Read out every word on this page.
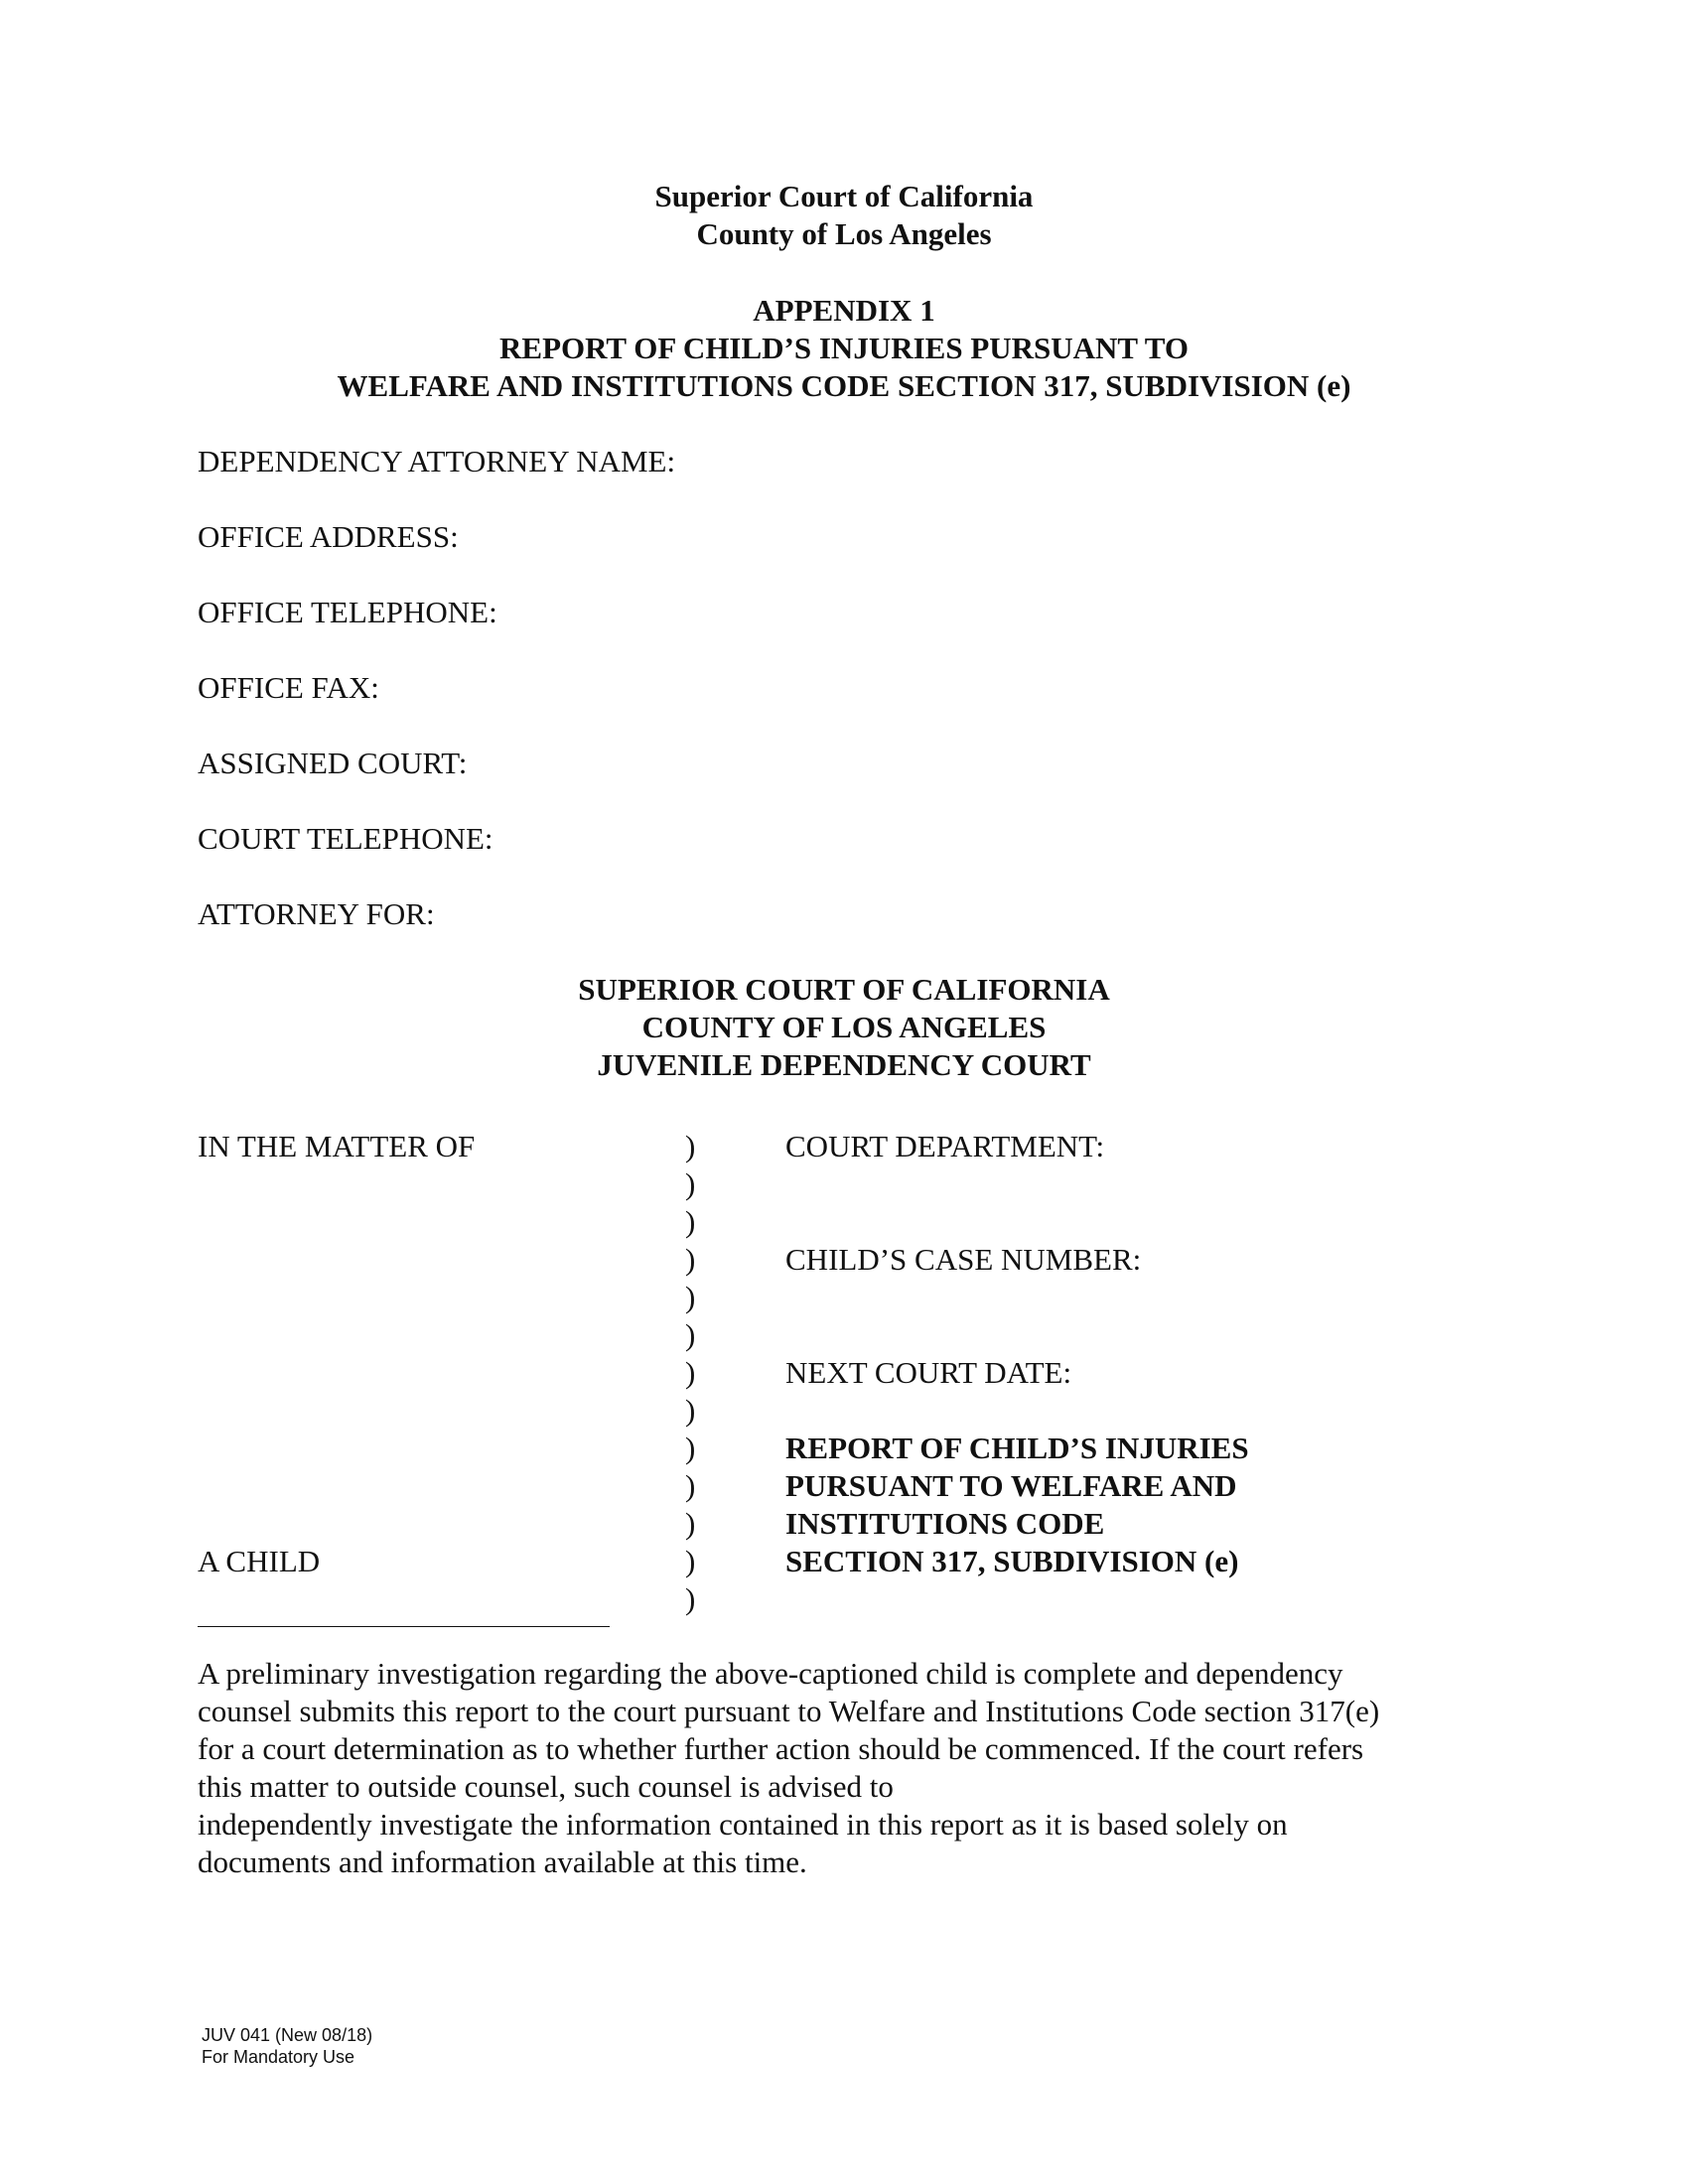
Superior Court of California
County of Los Angeles
APPENDIX 1
REPORT OF CHILD’S INJURIES PURSUANT TO
WELFARE AND INSTITUTIONS CODE SECTION 317, SUBDIVISION (e)
DEPENDENCY ATTORNEY NAME:
OFFICE ADDRESS:
OFFICE TELEPHONE:
OFFICE FAX:
ASSIGNED COURT:
COURT TELEPHONE:
ATTORNEY FOR:
SUPERIOR COURT OF CALIFORNIA
COUNTY OF LOS ANGELES
JUVENILE DEPENDENCY COURT
IN THE MATTER OF
A CHILD
)
)
)
)
)
)
)
)
)
)
)
)
)
COURT DEPARTMENT:
CHILD’S CASE NUMBER:
NEXT COURT DATE:
REPORT OF CHILD’S INJURIES
PURSUANT TO WELFARE AND
INSTITUTIONS CODE
SECTION 317, SUBDIVISION (e)
A preliminary investigation regarding the above-captioned child is complete and dependency
counsel submits this report to the court pursuant to Welfare and Institutions Code section 317(e)
for a court determination as to whether further action should be commenced. If the court refers
this matter to outside counsel, such counsel is advised to
independently investigate the information contained in this report as it is based solely on
documents and information available at this time.
JUV 041 (New 08/18)
For Mandatory Use
